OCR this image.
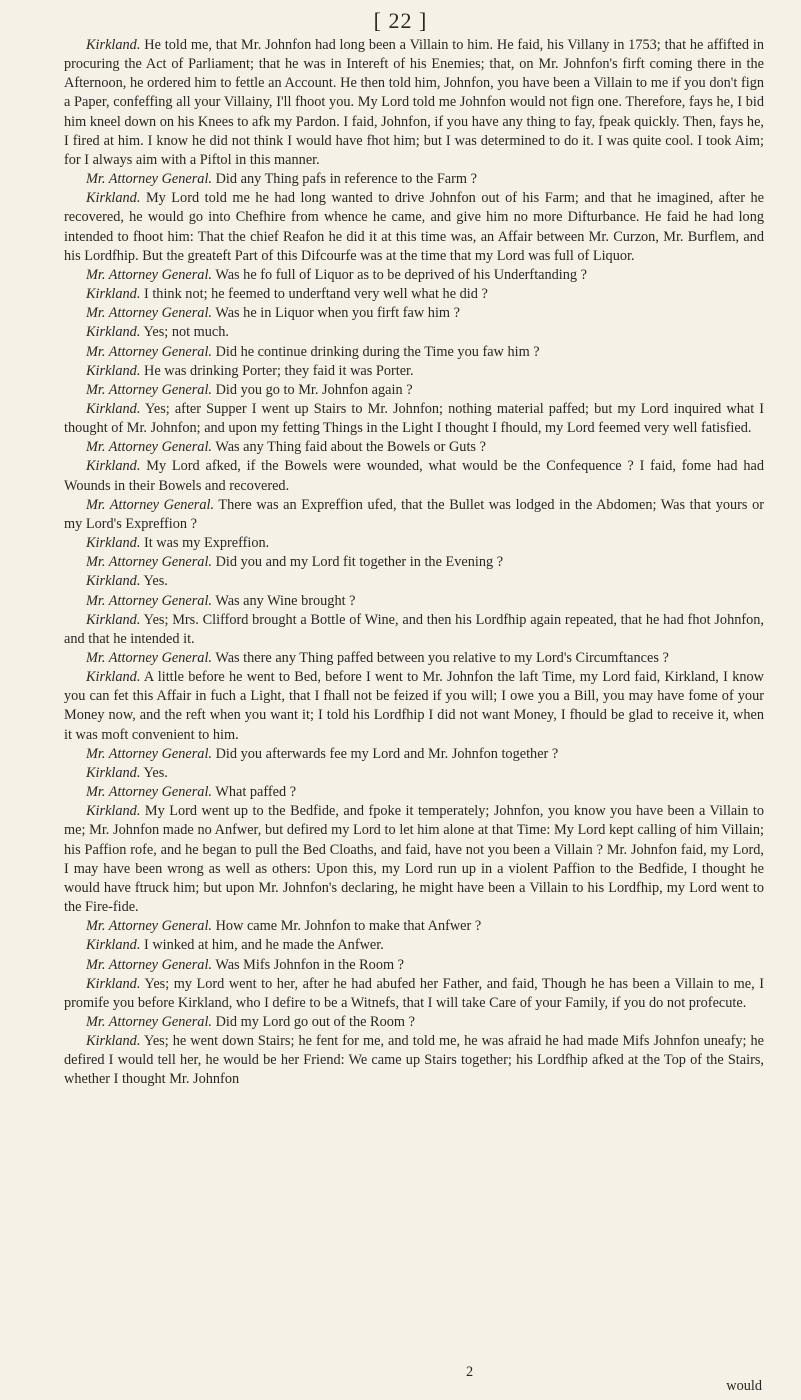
[ 22 ]

Kirkland. He told me, that Mr. Johnfon had long been a Villain to him. He faid, his Villany in 1753; that he affifted in procuring the Act of Parliament; that he was in Intereft of his Enemies; that, on Mr. Johnfon's firft coming there in the Afternoon, he ordered him to fettle an Account. He then told him, Johnfon, you have been a Villain to me if you don't fign a Paper, confeffing all your Villainy, I'll fhoot you. My Lord told me Johnfon would not fign one. Therefore, fays he, I bid him kneel down on his Knees to afk my Pardon. I faid, Johnfon, if you have any thing to fay, fpeak quickly. Then, fays he, I fired at him. I know he did not think I would have fhot him; but I was determined to do it. I was quite cool. I took Aim; for I always aim with a Piftol in this manner.

Mr. Attorney General. Did any Thing pafs in reference to the Farm ?

Kirkland. My Lord told me he had long wanted to drive Johnfon out of his Farm; and that he imagined, after he recovered, he would go into Chefhire from whence he came, and give him no more Difturbance. He faid he had long intended to fhoot him: That the chief Reafon he did it at this time was, an Affair between Mr. Curzon, Mr. Burflem, and his Lordfhip. But the greateft Part of this Difcourfe was at the time that my Lord was full of Liquor.

Mr. Attorney General. Was he fo full of Liquor as to be deprived of his Underftanding ?

Kirkland. I think not; he feemed to underftand very well what he did ?

Mr. Attorney General. Was he in Liquor when you firft faw him ?

Kirkland. Yes; not much.

Mr. Attorney General. Did he continue drinking during the Time you faw him ?

Kirkland. He was drinking Porter; they faid it was Porter.

Mr. Attorney General. Did you go to Mr. Johnfon again ?

Kirkland. Yes; after Supper I went up Stairs to Mr. Johnfon; nothing material paffed; but my Lord inquired what I thought of Mr. Johnfon; and upon my fetting Things in the Light I thought I fhould, my Lord feemed very well fatisfied.

Mr. Attorney General. Was any Thing faid about the Bowels or Guts ?

Kirkland. My Lord afked, if the Bowels were wounded, what would be the Confequence ? I faid, fome had had Wounds in their Bowels and recovered.

Mr. Attorney General. There was an Expreffion ufed, that the Bullet was lodged in the Abdomen; Was that yours or my Lord's Expreffion ?

Kirkland. It was my Expreffion.

Mr. Attorney General. Did you and my Lord fit together in the Evening ?

Kirkland. Yes.

Mr. Attorney General. Was any Wine brought ?

Kirkland. Yes; Mrs. Clifford brought a Bottle of Wine, and then his Lordfhip again repeated, that he had fhot Johnfon, and that he intended it.

Mr. Attorney General. Was there any Thing paffed between you relative to my Lord's Circumftances ?

Kirkland. A little before he went to Bed, before I went to Mr. Johnfon the laft Time, my Lord faid, Kirkland, I know you can fet this Affair in fuch a Light, that I fhall not be feized if you will; I owe you a Bill, you may have fome of your Money now, and the reft when you want it; I told his Lordfhip I did not want Money, I fhould be glad to receive it, when it was moft convenient to him.

Mr. Attorney General. Did you afterwards fee my Lord and Mr. Johnfon together ?

Kirkland. Yes.

Mr. Attorney General. What paffed ?

Kirkland. My Lord went up to the Bedfide, and fpoke it temperately; Johnfon, you know you have been a Villain to me; Mr. Johnfon made no Anfwer, but defired my Lord to let him alone at that Time: My Lord kept calling of him Villain; his Paffion rofe, and he began to pull the Bed Cloaths, and faid, have not you been a Villain ? Mr. Johnfon faid, my Lord, I may have been wrong as well as others: Upon this, my Lord run up in a violent Paffion to the Bedfide, I thought he would have ftruck him; but upon Mr. Johnfon's declaring, he might have been a Villain to his Lordfhip, my Lord went to the Fire-fide.

Mr. Attorney General. How came Mr. Johnfon to make that Anfwer ?

Kirkland. I winked at him, and he made the Anfwer.

Mr. Attorney General. Was Mifs Johnfon in the Room ?

Kirkland. Yes; my Lord went to her, after he had abufed her Father, and faid, Though he has been a Villain to me, I promife you before Kirkland, who I defire to be a Witnefs, that I will take Care of your Family, if you do not profecute.

Mr. Attorney General. Did my Lord go out of the Room ?

Kirkland. Yes; he went down Stairs; he fent for me, and told me, he was afraid he had made Mifs Johnfon uneafy; he defired I would tell her, he would be her Friend: We came up Stairs together; his Lordfhip afked at the Top of the Stairs, whether I thought Mr. Johnfon

2
would
